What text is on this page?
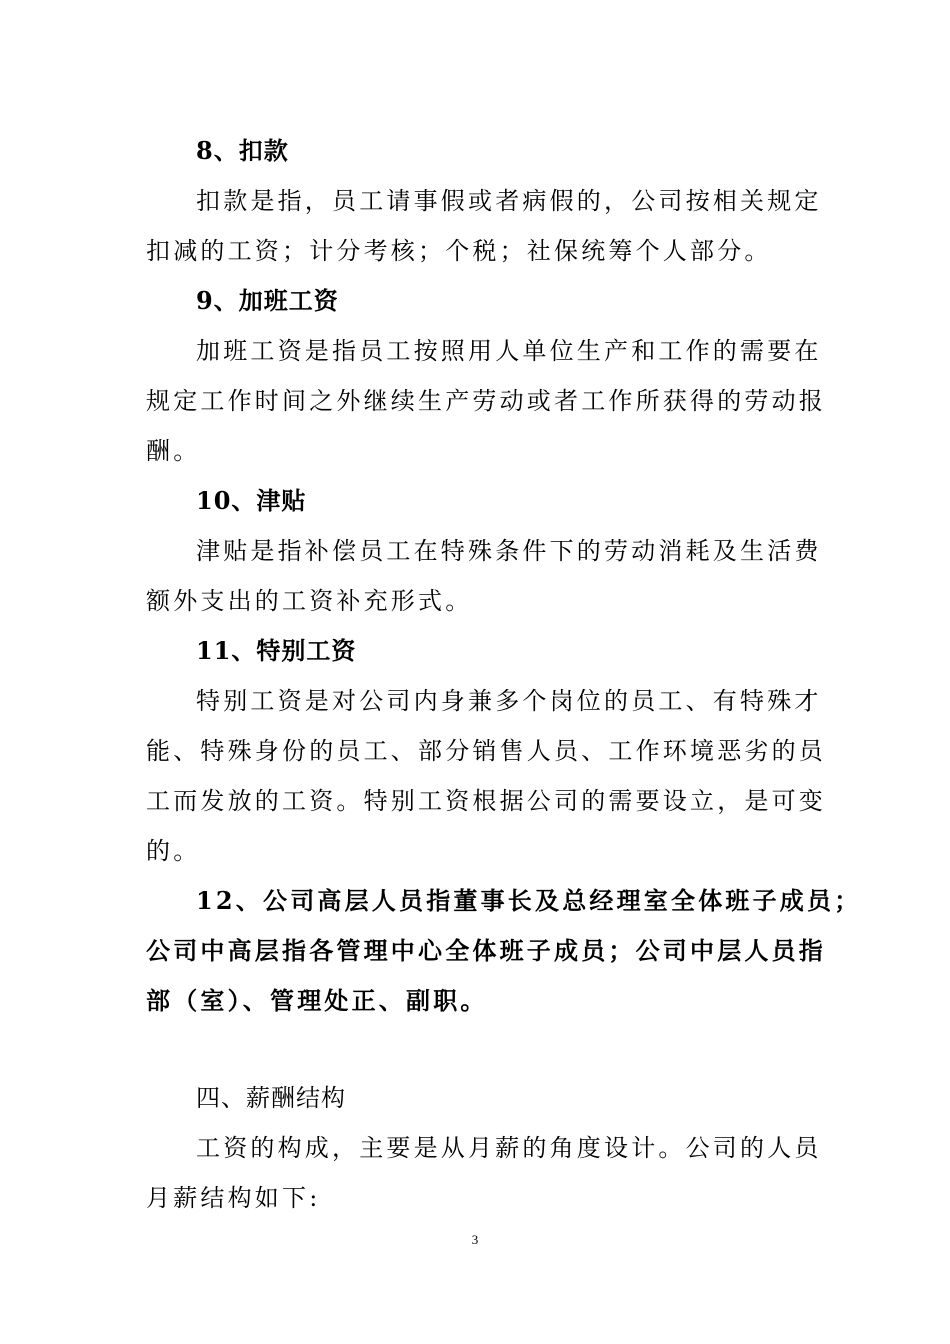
8、扣款
扣款是指，员工请事假或者病假的，公司按相关规定
扣减的工资；计分考核；个税；社保统筹个人部分。
9、加班工资
加班工资是指员工按照用人单位生产和工作的需要在
规定工作时间之外继续生产劳动或者工作所获得的劳动报
酬。
10、津贴
津贴是指补偿员工在特殊条件下的劳动消耗及生活费
额外支出的工资补充形式。
11、特别工资
特别工资是对公司内身兼多个岗位的员工、有特殊才
能、特殊身份的员工、部分销售人员、工作环境恶劣的员
工而发放的工资。特别工资根据公司的需要设立，是可变
的。
12、公司高层人员指董事长及总经理室全体班子成员；
公司中高层指各管理中心全体班子成员；公司中层人员指
部（室）、管理处正、副职。
四、薪酬结构
工资的构成，主要是从月薪的角度设计。公司的人员
月薪结构如下:
3
